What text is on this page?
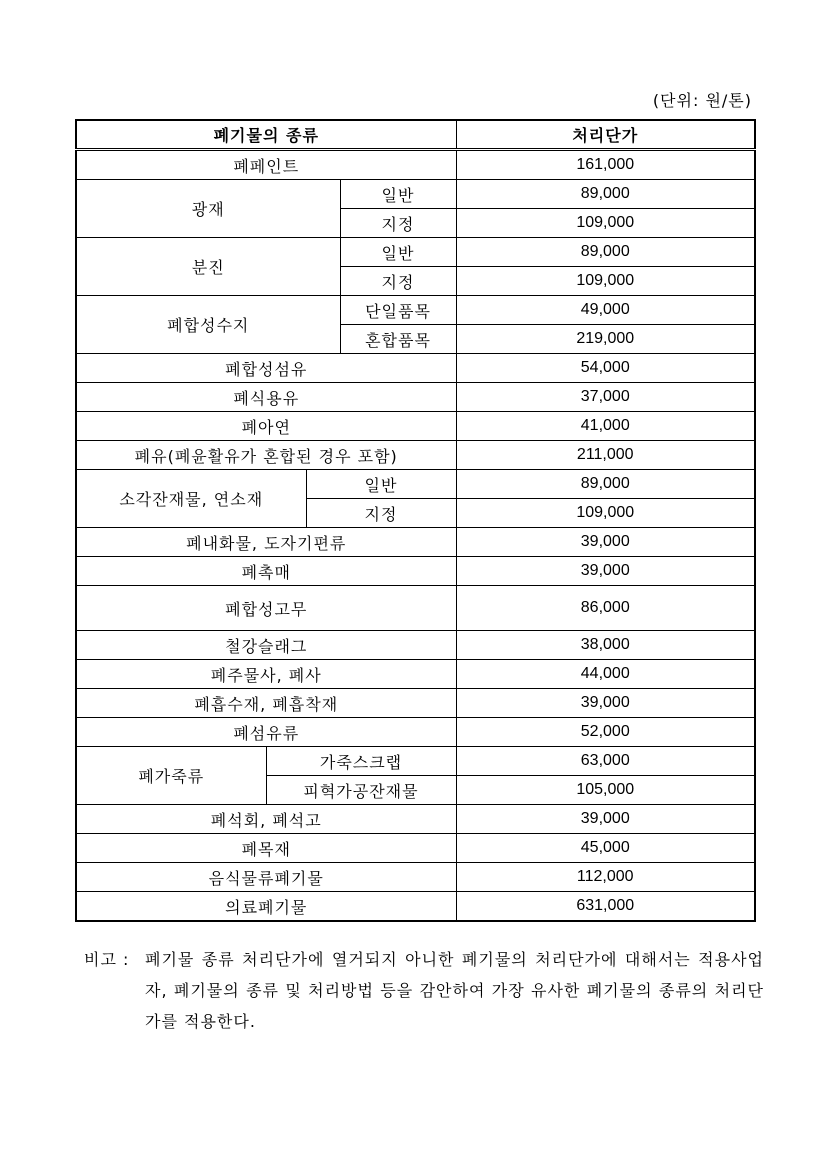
(단위: 원/톤)
폐기물의 종류				처리단가
폐페인트				161,000
광재			일반	89,000
			지정	109,000
분진			일반	89,000
			지정	109,000
폐합성수지			단일품목	49,000
			혼합품목	219,000
폐합성섬유				54,000
폐식용유				37,000
폐아연				41,000
폐유(폐윤활유가 혼합된 경우 포함)				211,000
소각잔재물, 연소재		일반		89,000
		지정		109,000
폐내화물, 도자기편류				39,000
폐촉매				39,000
폐합성고무				86,000
철강슬래그				38,000
폐주물사, 폐사				44,000
폐흡수재, 폐흡착재				39,000
폐섬유류				52,000
폐가죽류	가죽스크랩			63,000
	피혁가공잔재물			105,000
폐석회, 폐석고				39,000
폐목재				45,000
음식물류폐기물				112,000
의료폐기물				631,000
비고 : 폐기물 종류 처리단가에 열거되지 아니한 폐기물의 처리단가에 대해서는 적용사업자, 폐기물의 종류 및 처리방법 등을 감안하여 가장 유사한 폐기물의 종류의 처리단가를 적용한다.
